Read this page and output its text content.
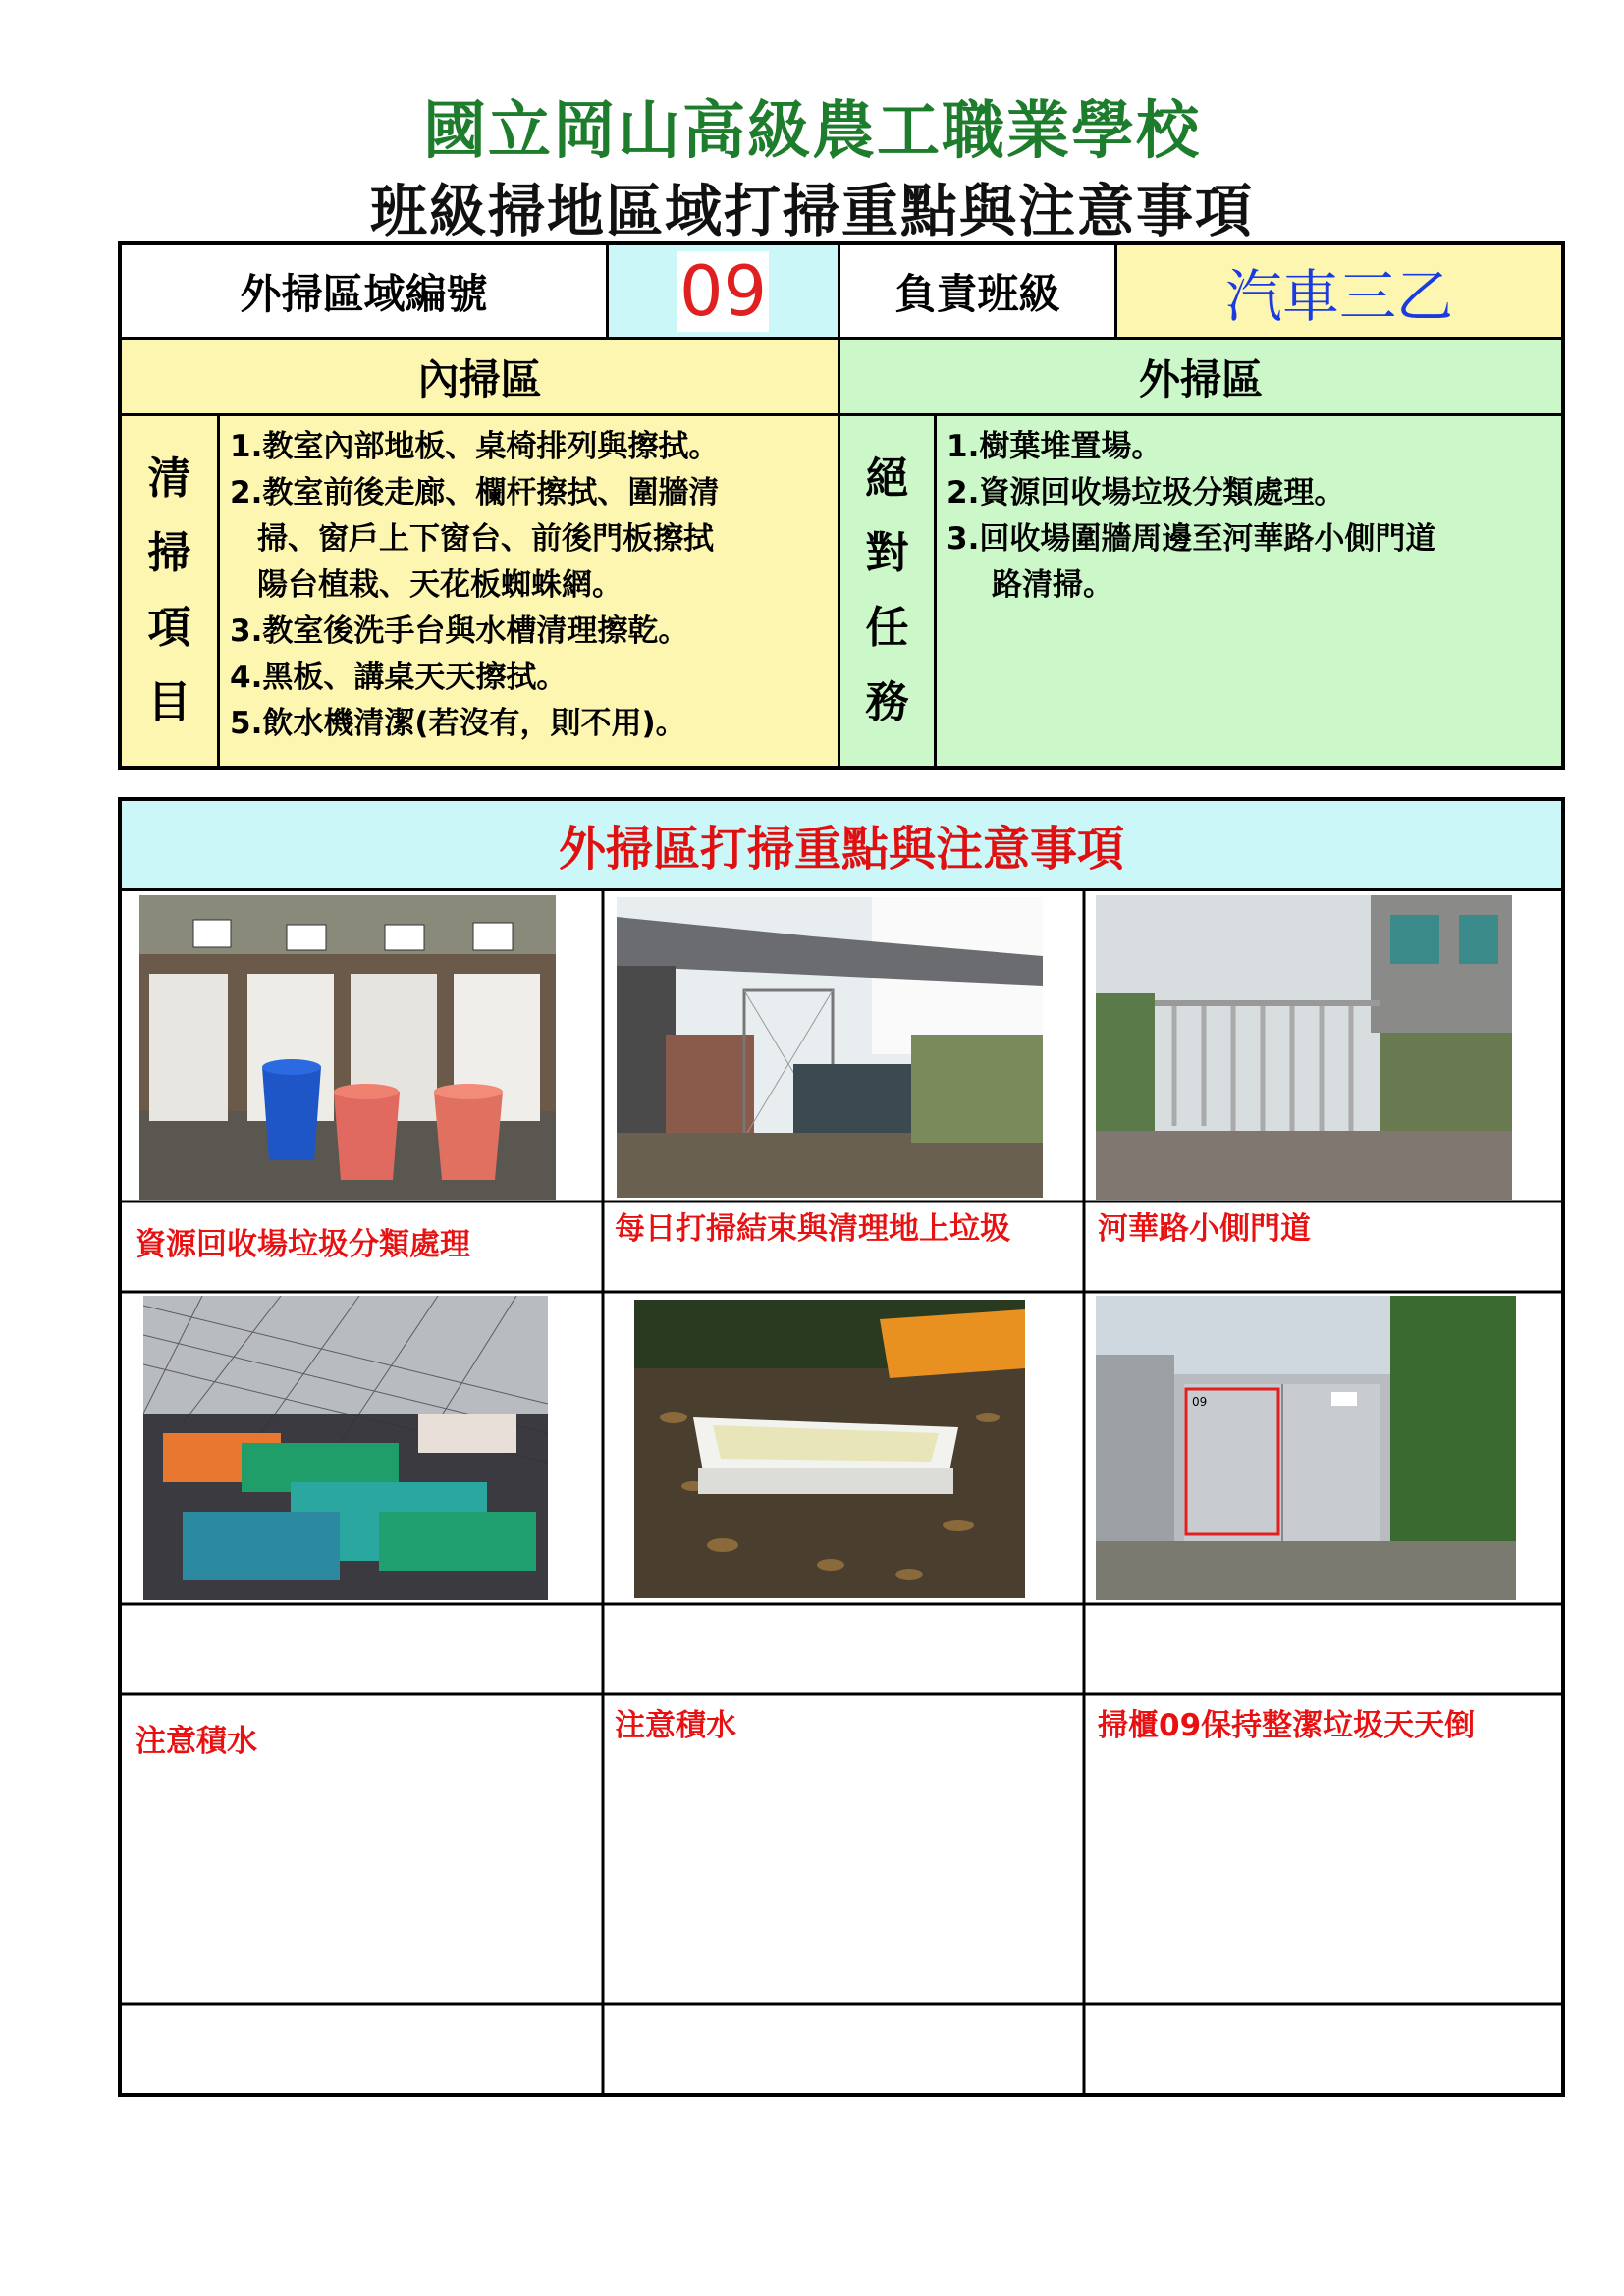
國立岡山高級農工職業學校
班級掃地區域打掃重點與注意事項
外掃區域編號	09	負責班級	汽車三乙
內掃區	外掃區
清
掃
項
目
1.教室內部地板、桌椅排列與擦拭。
2.教室前後走廊、欄杆擦拭、圍牆清
掃、窗戶上下窗台、前後門板擦拭
陽台植栽、天花板蜘蛛網。
3.教室後洗手台與水槽清理擦乾。
4.黑板、講桌天天擦拭。
5.飲水機清潔(若沒有，則不用)。
絕
對
任
務
1.樹葉堆置場。
2.資源回收場垃圾分類處理。
3.回收場圍牆周邊至河華路小側門道
路清掃。
外掃區打掃重點與注意事項
資源回收場垃圾分類處理	每日打掃結束與清理地上垃圾	河華路小側門道
09
注意積水	注意積水	掃櫃09保持整潔垃圾天天倒
